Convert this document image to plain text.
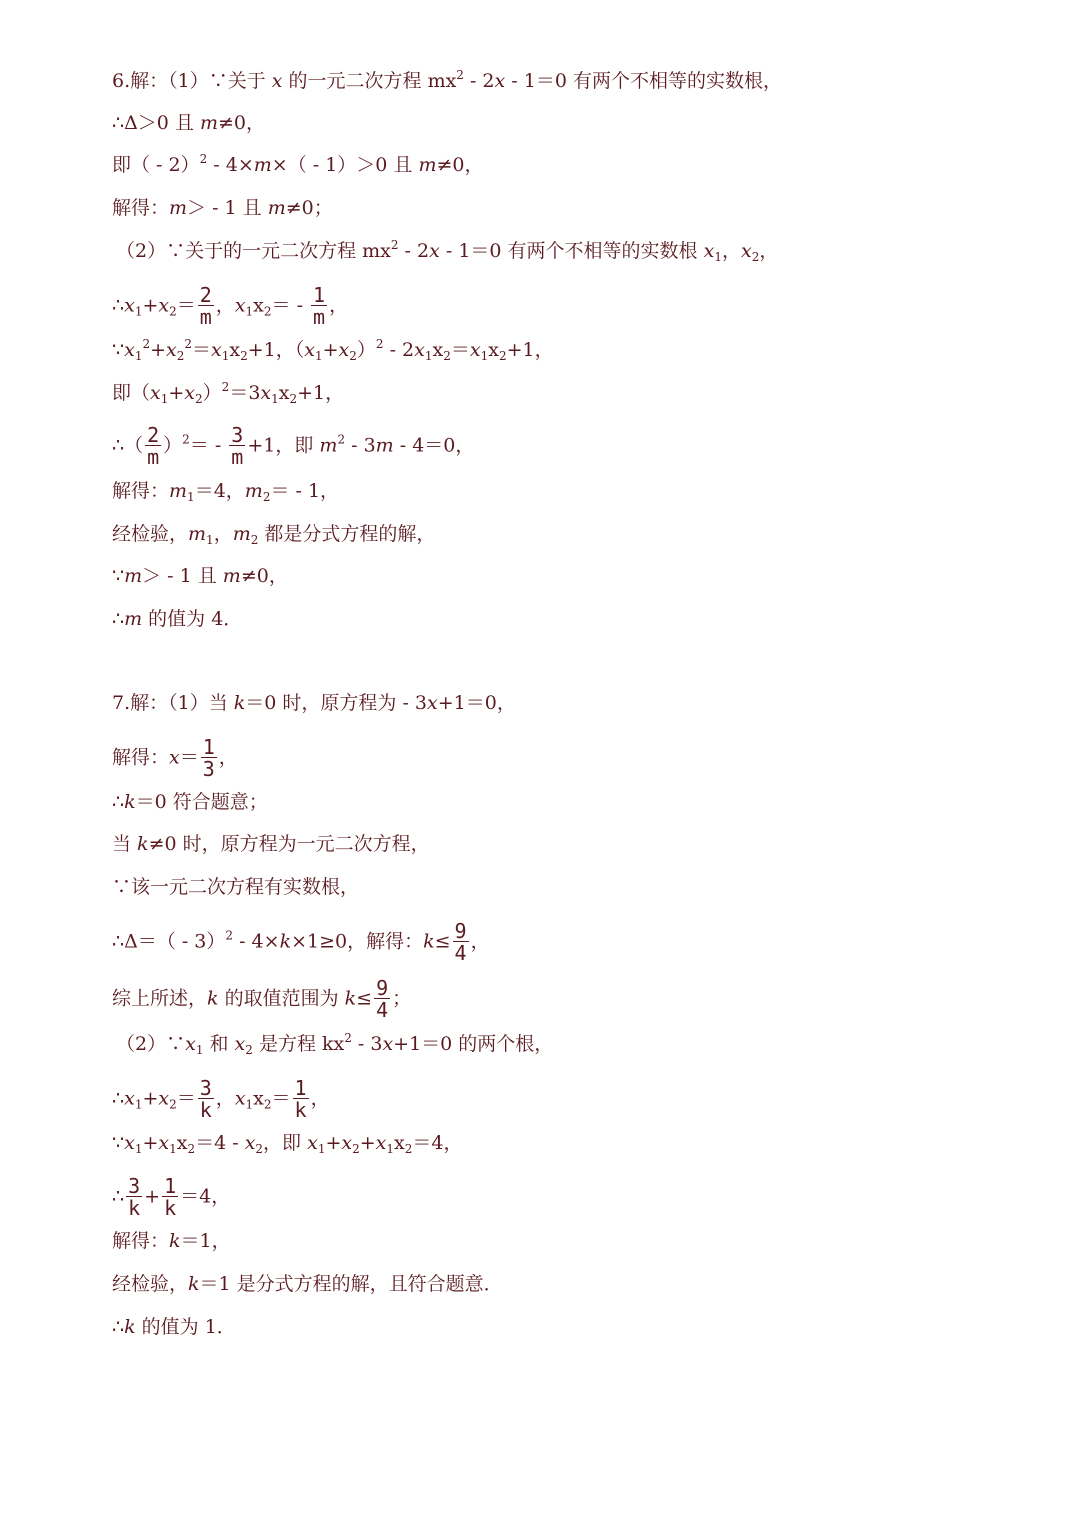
6.解：（1）∵关于 x 的一元二次方程 $mx^2 - 2x - 1=0$ 有两个不相等的实数根，
∴Δ＞0 且 m≠0，
即（ - 2）$^2$ - 4×m×（ - 1）＞0 且 m≠0，
解得：m＞ - 1 且 m≠0；
（2）∵关于的一元二次方程 $mx^2 - 2x - 1=0$ 有两个不相等的实数根 $x_1$，$x_2$，
$\therefore x_1+x_2= \frac{2}{m}$ ，$x_1x_2= - \frac{1}{m}$ ，
$\because x_1^2+x_2^2=x_1x_2+1$，$(x_1+x_2)^2 - 2x_1x_2=x_1x_2+1$，
即$(x_1+x_2)^2=3x_1x_2+1$，
∴（ $\frac{2}{m} )^2= - \frac{3}{m} +1$，即 $m^2 - 3m - 4=0$，
解得：$m_1=4$，$m_2= - 1$，
经检验，$m_1$，$m_2$ 都是分式方程的解，
∵m＞ - 1 且 m≠0，
∴m 的值为 4．
7.解：（1）当 k＝0 时，原方程为 - 3x+1＝0，
解得：$x= \frac{1}{3}$ ，
∴k＝0 符合题意；
当 k≠0 时，原方程为一元二次方程，
∵该一元二次方程有实数根，
∴Δ＝（ - 3）$^2$ - 4×k×1≥0，解得：$k\le \frac{9}{4}$ ，
综上所述，k 的取值范围为 $k\le \frac{9}{4}$ ；
$(2)\because x_1$ 和 $x_2$ 是方程 $kx^2 - 3x+1=0$ 的两个根，
$\therefore x_1+x_2= \frac{3}{k}$ ，$x_1x_2= \frac{1}{k}$ ，
$\because x_1+x_1x_2=4 - x_2$，即 $x_1+x_2+x_1x_2=4$，
∴ $\frac{3}{k} + \frac{1}{k} =4$，
解得：k＝1，
经检验，k＝1 是分式方程的解，且符合题意．
∴k 的值为 1．
